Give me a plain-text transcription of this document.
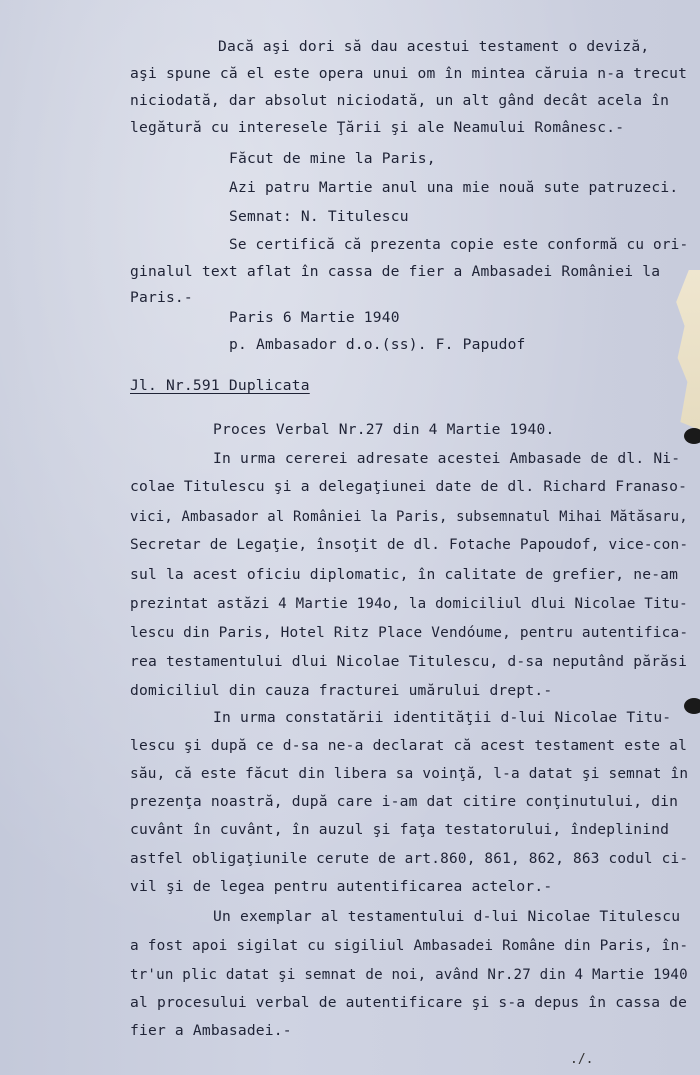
Dacă aşi dori să dau acestui testament o deviză,
aşi spune că el este opera unui om în mintea căruia n-a trecut
niciodată, dar absolut niciodată, un alt gând decât acela în
legătură cu interesele Ţării şi ale Neamului Românesc.-
Făcut de mine la Paris,
Azi patru Martie anul una mie nouă sute patruzeci.
Semnat: N. Titulescu
Se certifică că prezenta copie este conformă cu ori-
ginalul text aflat în cassa de fier a Ambasadei României la
Paris.-
Paris 6 Martie 1940
p. Ambasador d.o.(ss). F. Papudof
Jl. Nr.591 Duplicata
Proces Verbal Nr.27 din 4 Martie 1940.
In urma cererei adresate acestei Ambasade de dl. Ni-
colae Titulescu şi a delegaţiunei date de dl. Richard Franaso-
vici, Ambasador al României la Paris, subsemnatul Mihai Mătăsaru,
Secretar de Legaţie, însoţit de dl. Fotache Papoudof, vice-con-
sul la acest oficiu diplomatic, în calitate de grefier, ne-am
prezintat astăzi 4 Martie 194o, la domiciliul dlui Nicolae Titu-
lescu din Paris, Hotel Ritz Place Vendóume, pentru autentifica-
rea testamentului dlui Nicolae Titulescu, d-sa neputând părăsi
domiciliul din cauza fracturei umărului drept.-
In urma constatării identităţii d-lui Nicolae Titu-
lescu şi după ce d-sa ne-a declarat că acest testament este al
său, că este făcut din libera sa voinţă, l-a datat şi semnat în
prezenţa noastră, după care i-am dat citire conţinutului, din
cuvânt în cuvânt, în auzul şi faţa testatorului, îndeplinind
astfel obligaţiunile cerute de art.860, 861, 862, 863 codul ci-
vil şi de legea pentru autentificarea actelor.-
Un exemplar al testamentului d-lui Nicolae Titulescu
a fost apoi sigilat cu sigiliul Ambasadei Române din Paris, în-
tr'un plic datat şi semnat de noi, având Nr.27 din 4 Martie 1940
al procesului verbal de autentificare şi s-a depus în cassa de
fier a Ambasadei.-
./.
